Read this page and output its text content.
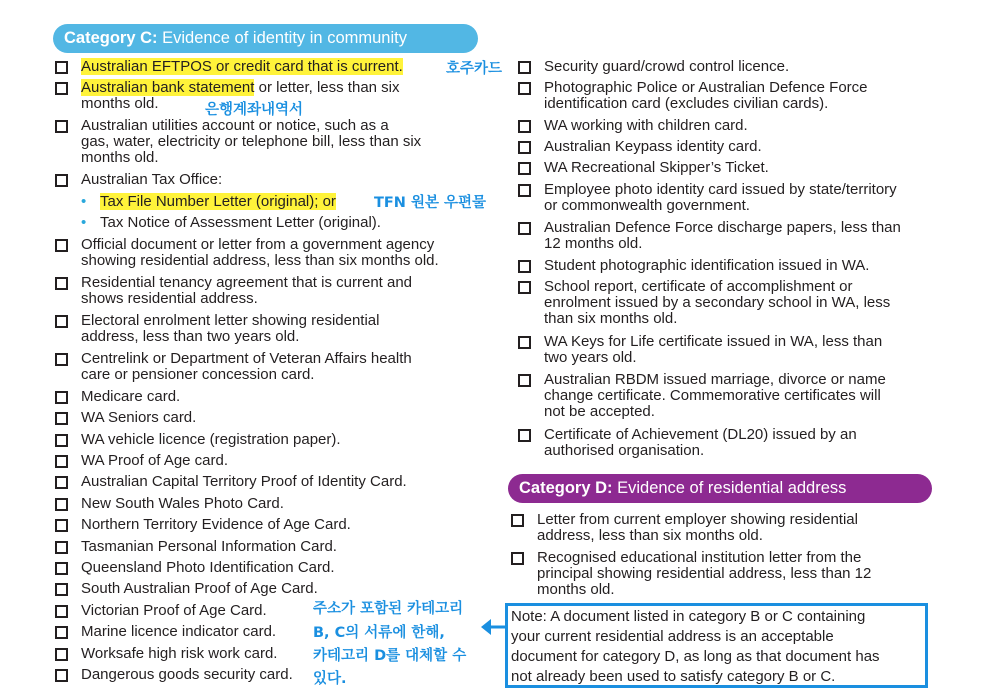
Category C: Evidence of identity in community
Australian EFTPOS or credit card that is current.
Australian bank statement or letter, less than six
months old.
Australian utilities account or notice, such as a
gas, water, electricity or telephone bill, less than six
months old.
Australian Tax Office:
Official document or letter from a government agency
showing residential address, less than six months old.
Residential tenancy agreement that is current and
shows residential address.
Electoral enrolment letter showing residential
address, less than two years old.
Centrelink or Department of Veteran Affairs health
care or pensioner concession card.
Medicare card.
WA Seniors card.
WA vehicle licence (registration paper).
WA Proof of Age card.
Australian Capital Territory Proof of Identity Card.
New South Wales Photo Card.
Northern Territory Evidence of Age Card.
Tasmanian Personal Information Card.
Queensland Photo Identification Card.
South Australian Proof of Age Card.
Victorian Proof of Age Card.
Marine licence indicator card.
Worksafe high risk work card.
Dangerous goods security card.
• Tax File Number Letter (original); or
• Tax Notice of Assessment Letter (original).
Security guard/crowd control licence.
Photographic Police or Australian Defence Force
identification card (excludes civilian cards).
WA working with children card.
Australian Keypass identity card.
WA Recreational Skipper’s Ticket.
Employee photo identity card issued by state/territory
or commonwealth government.
Australian Defence Force discharge papers, less than
12 months old.
Student photographic identification issued in WA.
School report, certificate of accomplishment or
enrolment issued by a secondary school in WA, less
than six months old.
WA Keys for Life certificate issued in WA, less than
two years old.
Australian RBDM issued marriage, divorce or name
change certificate. Commemorative certificates will
not be accepted.
Certificate of Achievement (DL20) issued by an
authorised organisation.
Category D: Evidence of residential address
Letter from current employer showing residential
address, less than six months old.
Recognised educational institution letter from the
principal showing residential address, less than 12
months old.
Note: A document listed in category B or C containing
your current residential address is an acceptable
document for category D, as long as that document has
not already been used to satisfy category B or C.
호주카드
은행계좌내역서
TFN 원본 우편물
주소가 포함된 카테고리
B, C의 서류에 한해,
카테고리 D를 대체할 수
있다.
